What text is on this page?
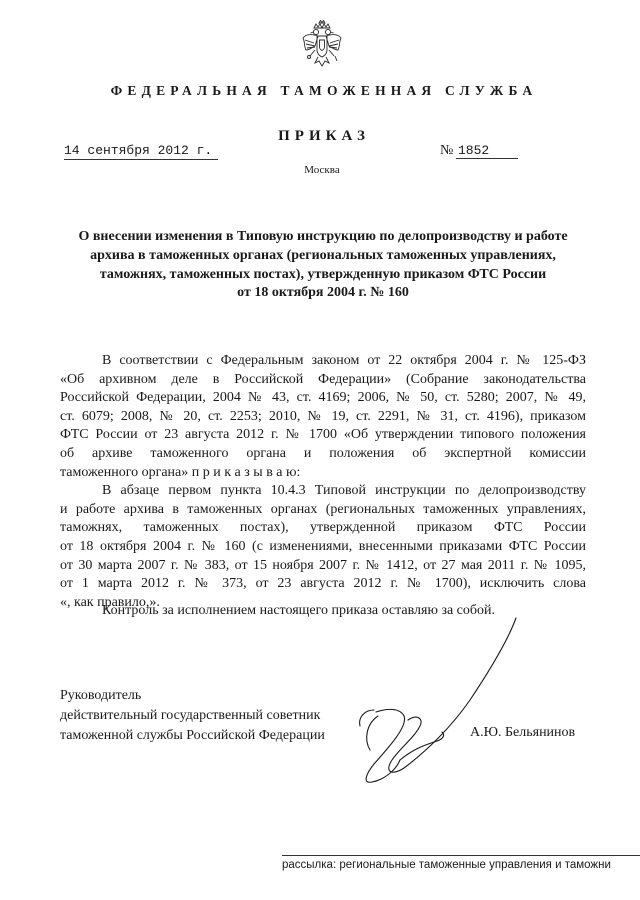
ФЕДЕРАЛЬНАЯ ТАМОЖЕННАЯ СЛУЖБА
ПРИКАЗ
14 сентября 2012 г.	№ 1852
Москва
О внесении изменения в Типовую инструкцию по делопроизводству и работе
архива в таможенных органах (региональных таможенных управлениях,
таможнях, таможенных постах), утвержденную приказом ФТС России
от 18 октября 2004 г. № 160
В соответствии с Федеральным законом от 22 октября 2004 г. № 125-ФЗ
«Об архивном деле в Российской Федерации» (Собрание законодательства
Российской Федерации, 2004 № 43, ст. 4169; 2006, № 50, ст. 5280; 2007, № 49,
ст. 6079; 2008, № 20, ст. 2253; 2010, № 19, ст. 2291, № 31, ст. 4196), приказом
ФТС России от 23 августа 2012 г. № 1700 «Об утверждении типового положения
об архиве таможенного органа и положения об экспертной комиссии
таможенного органа» п р и к а з ы в а ю:
В абзаце первом пункта 10.4.3 Типовой инструкции по делопроизводству
и работе архива в таможенных органах (региональных таможенных управлениях,
таможнях, таможенных постах), утвержденной приказом ФТС России
от 18 октября 2004 г. № 160 (с изменениями, внесенными приказами ФТС России
от 30 марта 2007 г. № 383, от 15 ноября 2007 г. № 1412, от 27 мая 2011 г. № 1095,
от 1 марта 2012 г. № 373, от 23 августа 2012 г. № 1700), исключить слова
«, как правило,».
Контроль за исполнением настоящего приказа оставляю за собой.
Руководитель
действительный государственный советник
таможенной службы Российской Федерации	А.Ю. Бельянинов
рассылка: региональные таможенные управления и таможни
